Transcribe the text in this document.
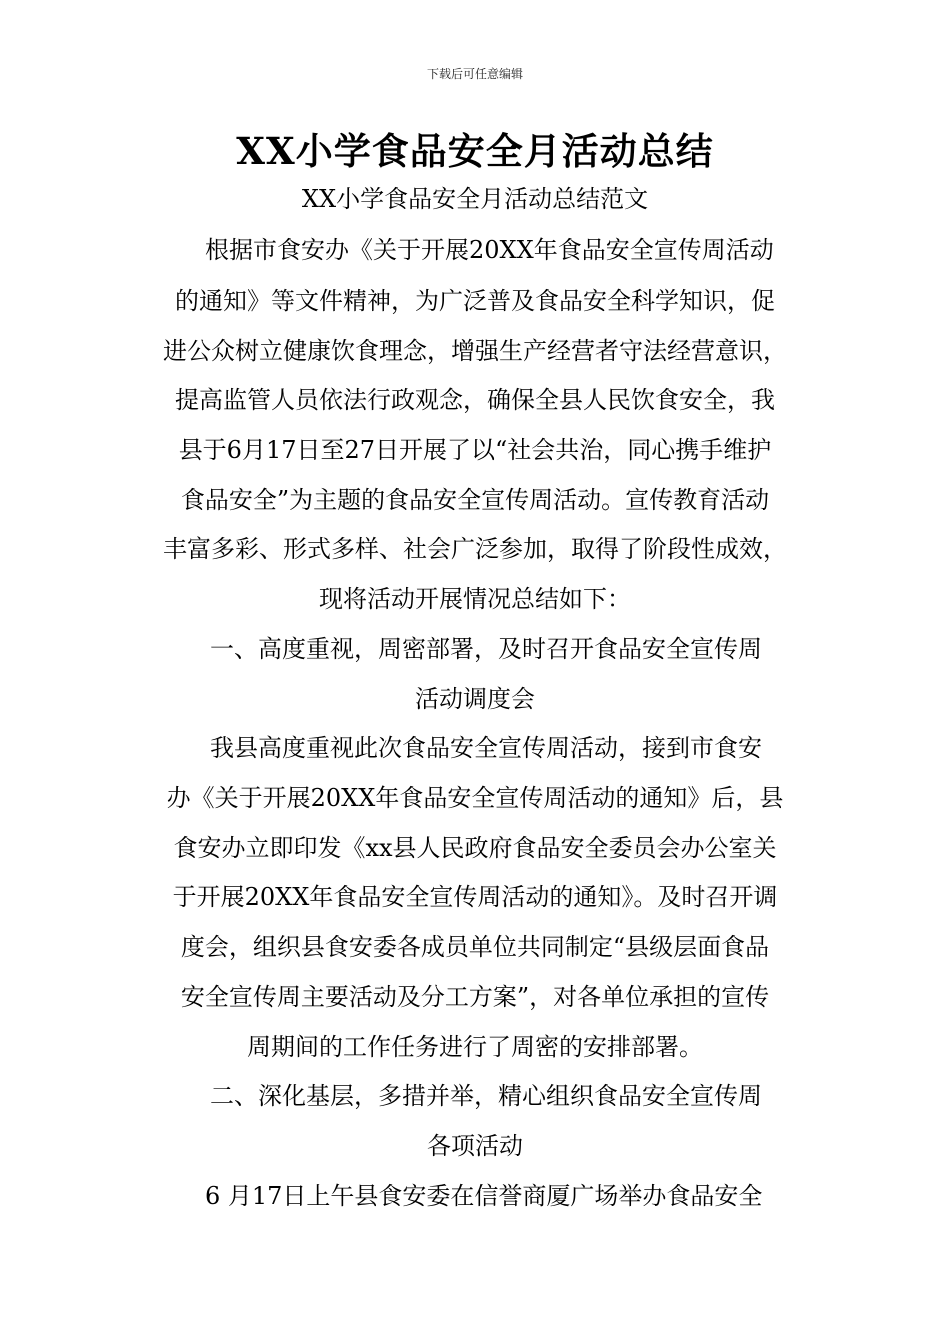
下载后可任意编辑
XX小学食品安全月活动总结
XX小学食品安全月活动总结范文
根据市食安办《关于开展20XX年食品安全宣传周活动
的通知》等文件精神，为广泛普及食品安全科学知识，促
进公众树立健康饮食理念，增强生产经营者守法经营意识，
提高监管人员依法行政观念，确保全县人民饮食安全，我
县于6月17日至27日开展了以“社会共治，同心携手维护
食品安全”为主题的食品安全宣传周活动。宣传教育活动
丰富多彩、形式多样、社会广泛参加，取得了阶段性成效，
现将活动开展情况总结如下：
一、高度重视，周密部署，及时召开食品安全宣传周
活动调度会
我县高度重视此次食品安全宣传周活动，接到市食安
办《关于开展20XX年食品安全宣传周活动的通知》后，县
食安办立即印发《xx县人民政府食品安全委员会办公室关
于开展20XX年食品安全宣传周活动的通知》。及时召开调
度会，组织县食安委各成员单位共同制定“县级层面食品
安全宣传周主要活动及分工方案”，对各单位承担的宣传
周期间的工作任务进行了周密的安排部署。
二、深化基层，多措并举，精心组织食品安全宣传周
各项活动
6 月17日上午县食安委在信誉商厦广场举办食品安全
